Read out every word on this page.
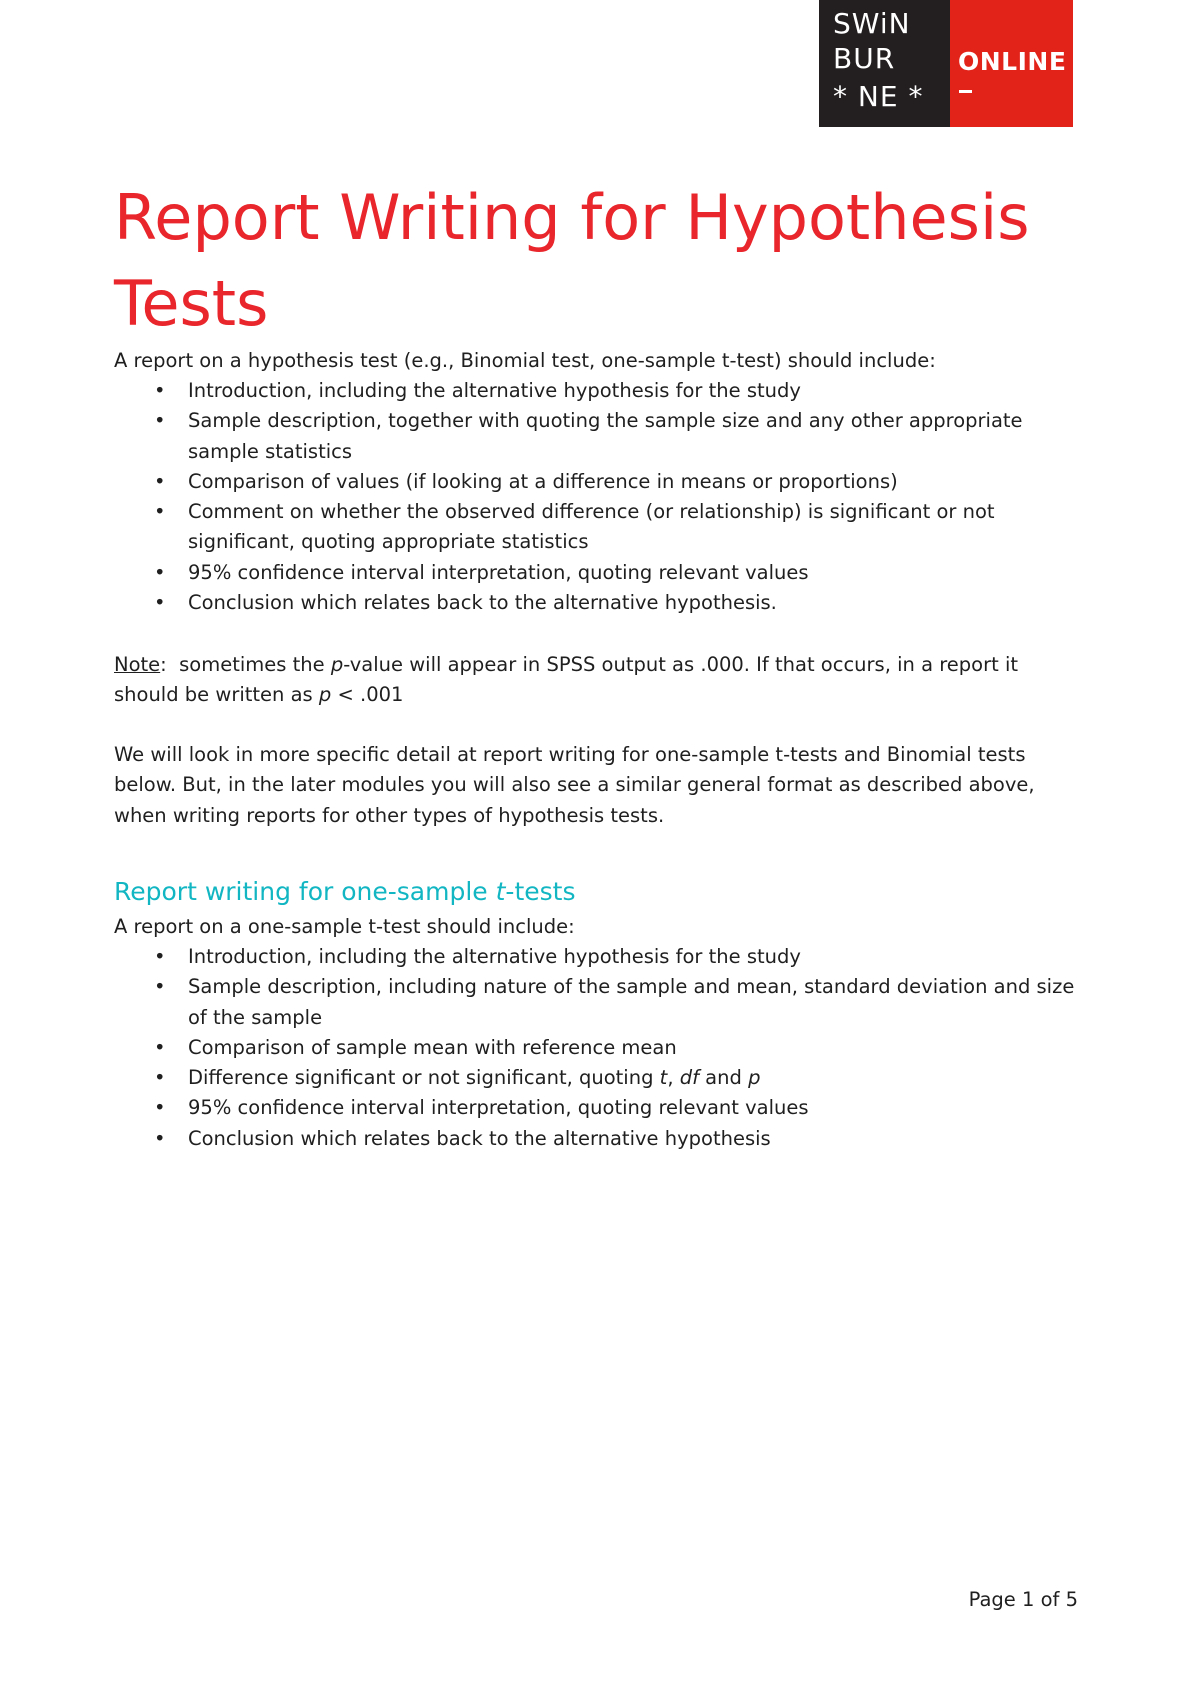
SWiN
BUR
* NE *
ONLINE
Report Writing for Hypothesis Tests

A report on a hypothesis test (e.g., Binomial test, one-sample t-test) should include:

• Introduction, including the alternative hypothesis for the study
• Sample description, together with quoting the sample size and any other appropriate sample statistics
• Comparison of values (if looking at a difference in means or proportions)
• Comment on whether the observed difference (or relationship) is significant or not significant, quoting appropriate statistics
• 95% confidence interval interpretation, quoting relevant values
• Conclusion which relates back to the alternative hypothesis.

Note:  sometimes the p-value will appear in SPSS output as .000. If that occurs, in a report it should be written as p < .001

We will look in more specific detail at report writing for one-sample t-tests and Binomial tests below. But, in the later modules you will also see a similar general format as described above, when writing reports for other types of hypothesis tests.

Report writing for one-sample t-tests

A report on a one-sample t-test should include:

• Introduction, including the alternative hypothesis for the study
• Sample description, including nature of the sample and mean, standard deviation and size of the sample
• Comparison of sample mean with reference mean
• Difference significant or not significant, quoting t, df and p
• 95% confidence interval interpretation, quoting relevant values
• Conclusion which relates back to the alternative hypothesis
Page 1 of 5
